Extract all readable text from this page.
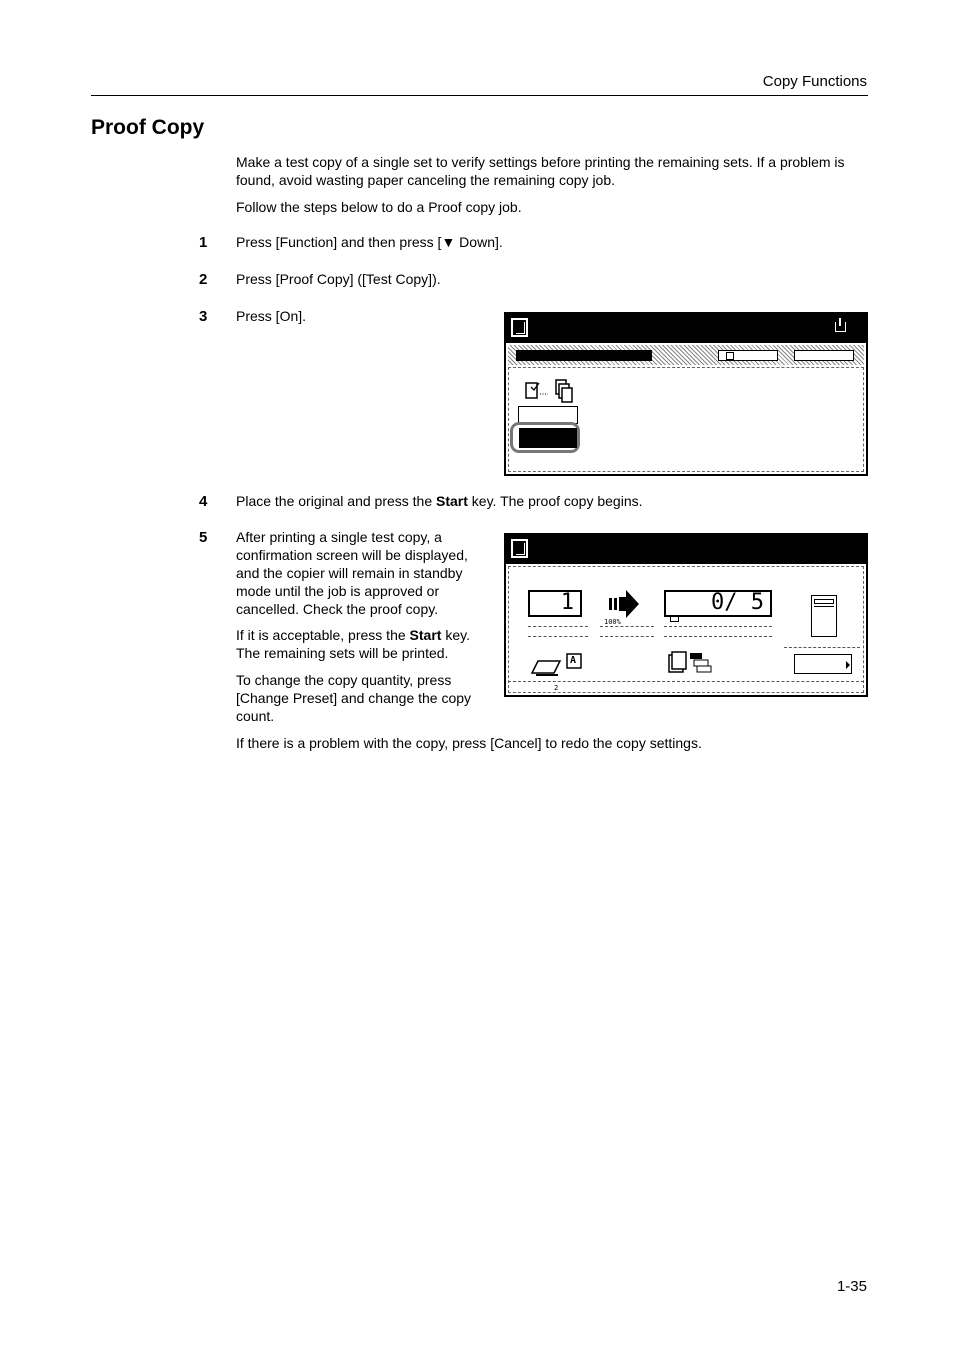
Copy Functions
Proof Copy
Make a test copy of a single set to verify settings before printing the remaining sets. If a problem is
found, avoid wasting paper canceling the remaining copy job.
Follow the steps below to do a Proof copy job.
1 Press [Function] and then press [▼ Down].
2 Press [Proof Copy] ([Test Copy]).
3 Press [On].
4 Place the original and press the Start key. The proof copy begins.
5 After printing a single test copy, a
confirmation screen will be displayed,
and the copier will remain in standby
mode until the job is approved or
cancelled. Check the proof copy.
If it is acceptable, press the Start key.
The remaining sets will be printed.
To change the copy quantity, press
[Change Preset] and change the copy
count.
1	0/ 5
100%
A
2
If there is a problem with the copy, press [Cancel] to redo the copy settings.
1-35
